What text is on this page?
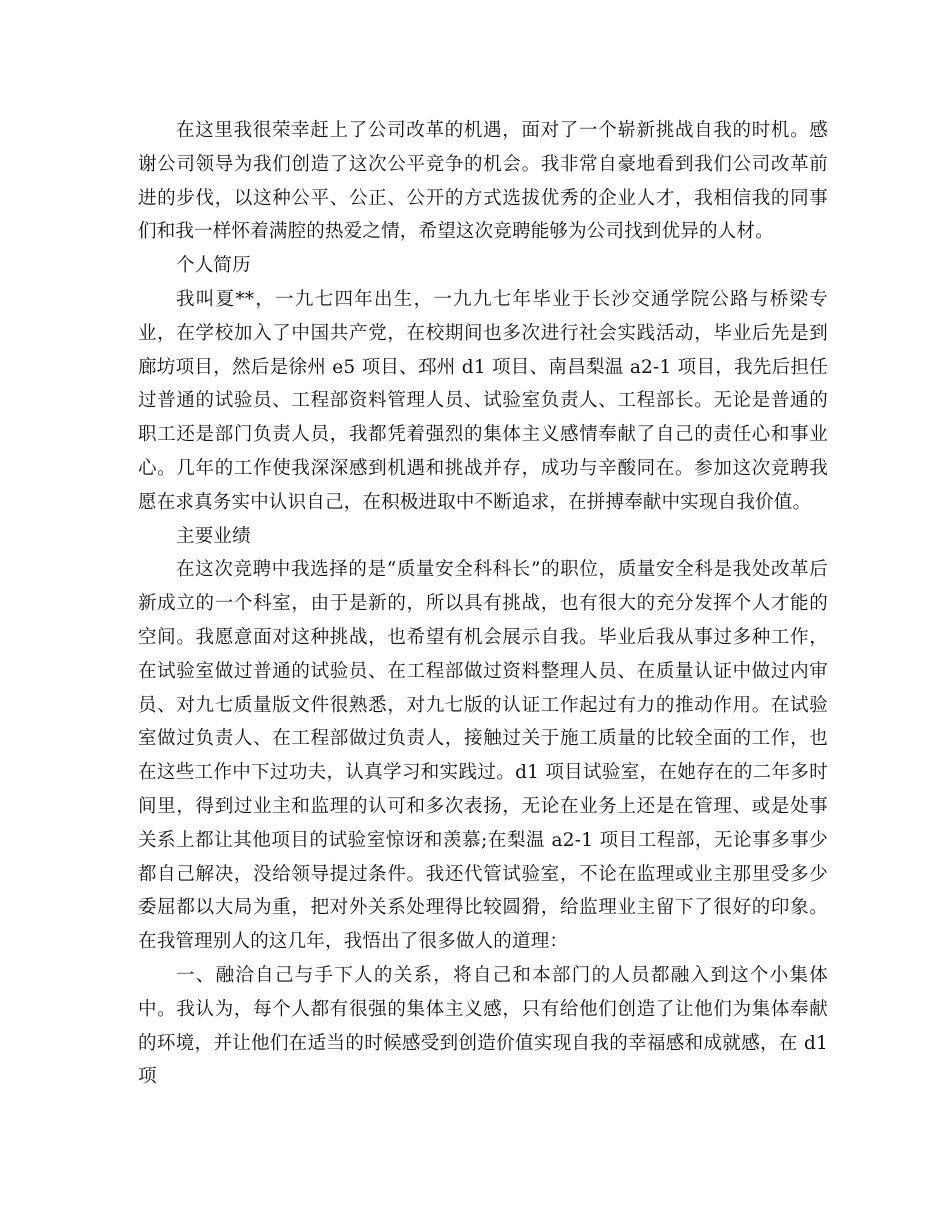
在这里我很荣幸赶上了公司改革的机遇，面对了一个崭新挑战自我的时机。感谢公司领导为我们创造了这次公平竞争的机会。我非常自豪地看到我们公司改革前进的步伐，以这种公平、公正、公开的方式选拔优秀的企业人才，我相信我的同事们和我一样怀着满腔的热爱之情，希望这次竞聘能够为公司找到优异的人材。

个人简历

我叫夏**，一九七四年出生，一九九七年毕业于长沙交通学院公路与桥梁专业，在学校加入了中国共产党，在校期间也多次进行社会实践活动，毕业后先是到廊坊项目，然后是徐州 e5 项目、邳州 d1 项目、南昌梨温 a2-1 项目，我先后担任过普通的试验员、工程部资料管理人员、试验室负责人、工程部长。无论是普通的职工还是部门负责人员，我都凭着强烈的集体主义感情奉献了自己的责任心和事业心。几年的工作使我深深感到机遇和挑战并存，成功与辛酸同在。参加这次竞聘我愿在求真务实中认识自己，在积极进取中不断追求，在拼搏奉献中实现自我价值。

主要业绩

在这次竞聘中我选择的是“质量安全科科长”的职位，质量安全科是我处改革后新成立的一个科室，由于是新的，所以具有挑战，也有很大的充分发挥个人才能的空间。我愿意面对这种挑战，也希望有机会展示自我。毕业后我从事过多种工作，在试验室做过普通的试验员、在工程部做过资料整理人员、在质量认证中做过内审员、对九七质量版文件很熟悉，对九七版的认证工作起过有力的推动作用。在试验室做过负责人、在工程部做过负责人，接触过关于施工质量的比较全面的工作，也在这些工作中下过功夫，认真学习和实践过。d1 项目试验室，在她存在的二年多时间里，得到过业主和监理的认可和多次表扬，无论在业务上还是在管理、或是处事关系上都让其他项目的试验室惊讶和羡慕;在梨温 a2-1 项目工程部，无论事多事少都自己解决，没给领导提过条件。我还代管试验室，不论在监理或业主那里受多少委屈都以大局为重，把对外关系处理得比较圆猾，给监理业主留下了很好的印象。在我管理别人的这几年，我悟出了很多做人的道理：

一、融洽自己与手下人的关系，将自己和本部门的人员都融入到这个小集体中。我认为，每个人都有很强的集体主义感，只有给他们创造了让他们为集体奉献的环境，并让他们在适当的时候感受到创造价值实现自我的幸福感和成就感，在 d1 项
